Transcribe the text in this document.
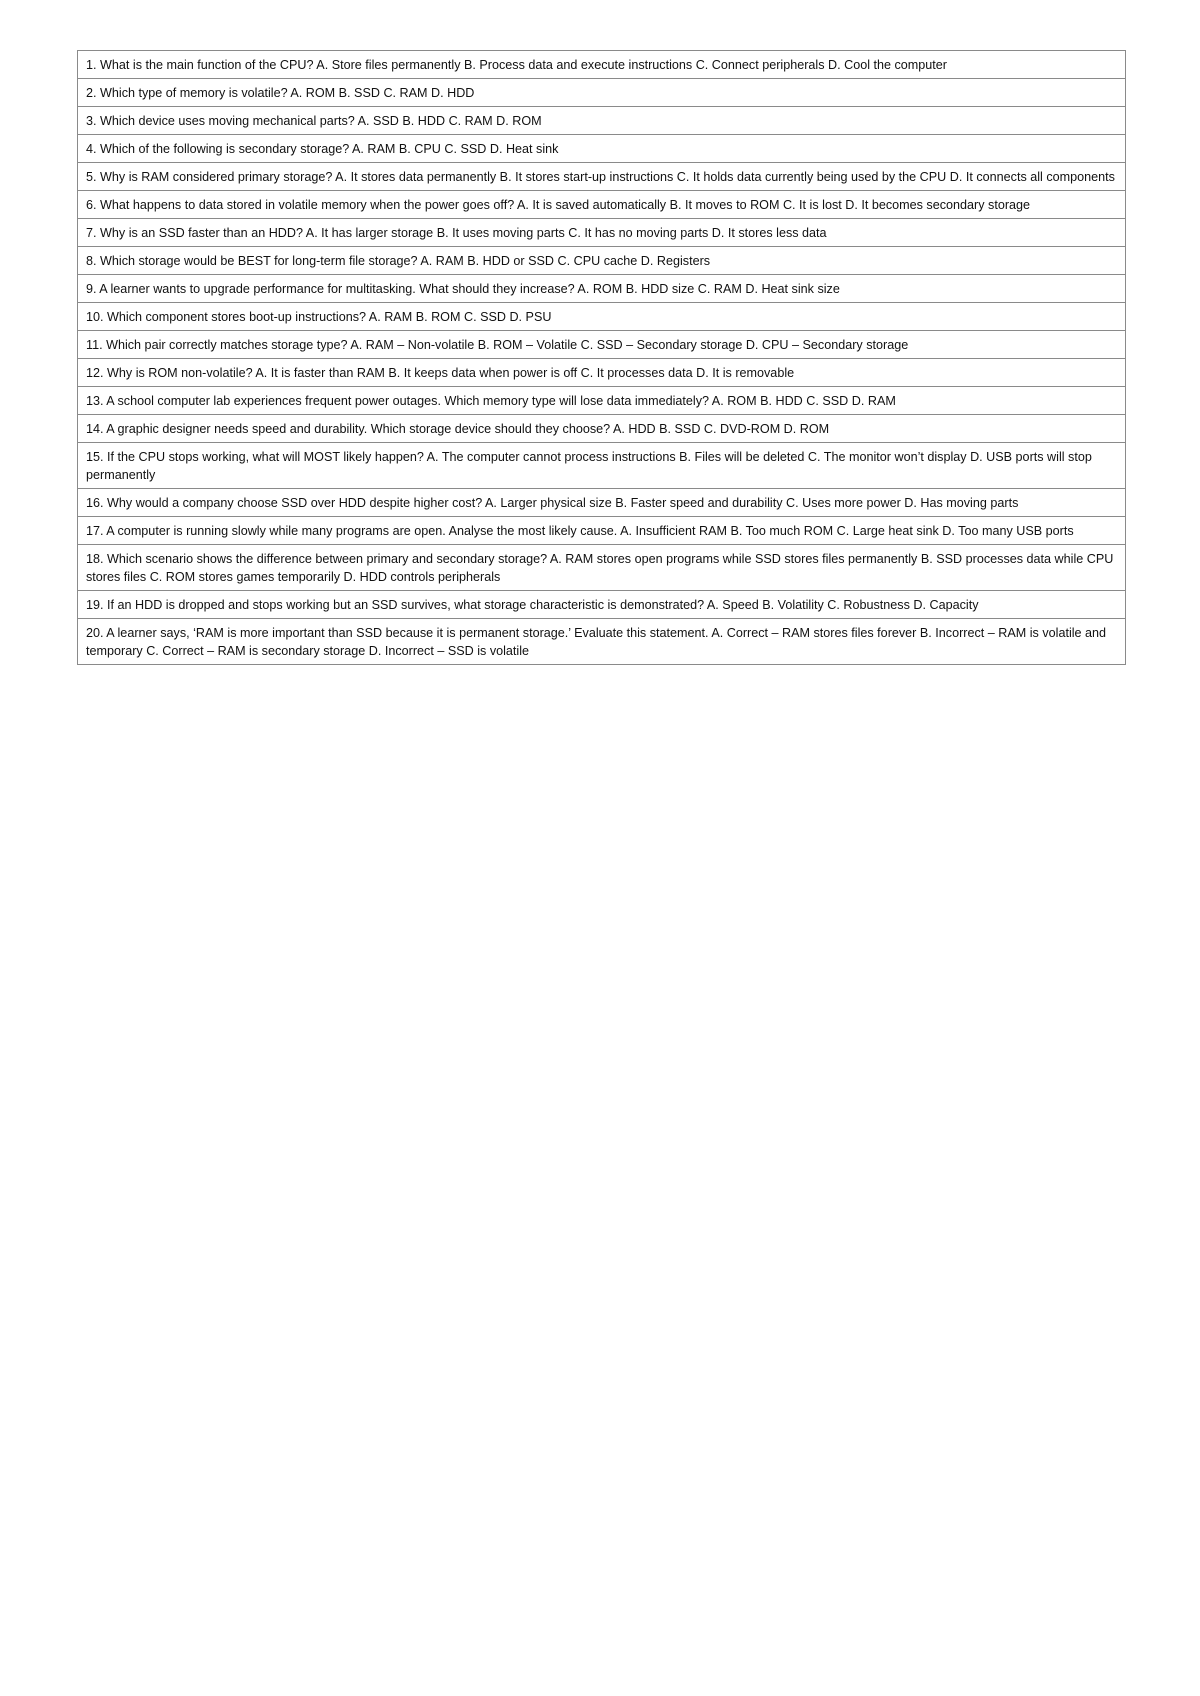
1. What is the main function of the CPU? A. Store files permanently B. Process data and execute instructions C. Connect peripherals D. Cool the computer
2. Which type of memory is volatile? A. ROM B. SSD C. RAM D. HDD
3. Which device uses moving mechanical parts? A. SSD B. HDD C. RAM D. ROM
4. Which of the following is secondary storage? A. RAM B. CPU C. SSD D. Heat sink
5. Why is RAM considered primary storage? A. It stores data permanently B. It stores start-up instructions C. It holds data currently being used by the CPU D. It connects all components
6. What happens to data stored in volatile memory when the power goes off? A. It is saved automatically B. It moves to ROM C. It is lost D. It becomes secondary storage
7. Why is an SSD faster than an HDD? A. It has larger storage B. It uses moving parts C. It has no moving parts D. It stores less data
8. Which storage would be BEST for long-term file storage? A. RAM B. HDD or SSD C. CPU cache D. Registers
9. A learner wants to upgrade performance for multitasking. What should they increase? A. ROM B. HDD size C. RAM D. Heat sink size
10. Which component stores boot-up instructions? A. RAM B. ROM C. SSD D. PSU
11. Which pair correctly matches storage type? A. RAM – Non-volatile B. ROM – Volatile C. SSD – Secondary storage D. CPU – Secondary storage
12. Why is ROM non-volatile? A. It is faster than RAM B. It keeps data when power is off C. It processes data D. It is removable
13. A school computer lab experiences frequent power outages. Which memory type will lose data immediately? A. ROM B. HDD C. SSD D. RAM
14. A graphic designer needs speed and durability. Which storage device should they choose? A. HDD B. SSD C. DVD-ROM D. ROM
15. If the CPU stops working, what will MOST likely happen? A. The computer cannot process instructions B. Files will be deleted C. The monitor won’t display D. USB ports will stop permanently
16. Why would a company choose SSD over HDD despite higher cost? A. Larger physical size B. Faster speed and durability C. Uses more power D. Has moving parts
17. A computer is running slowly while many programs are open. Analyse the most likely cause. A. Insufficient RAM B. Too much ROM C. Large heat sink D. Too many USB ports
18. Which scenario shows the difference between primary and secondary storage? A. RAM stores open programs while SSD stores files permanently B. SSD processes data while CPU stores files C. ROM stores games temporarily D. HDD controls peripherals
19. If an HDD is dropped and stops working but an SSD survives, what storage characteristic is demonstrated? A. Speed B. Volatility C. Robustness D. Capacity
20. A learner says, ‘RAM is more important than SSD because it is permanent storage.’ Evaluate this statement. A. Correct – RAM stores files forever B. Incorrect – RAM is volatile and temporary C. Correct – RAM is secondary storage D. Incorrect – SSD is volatile
